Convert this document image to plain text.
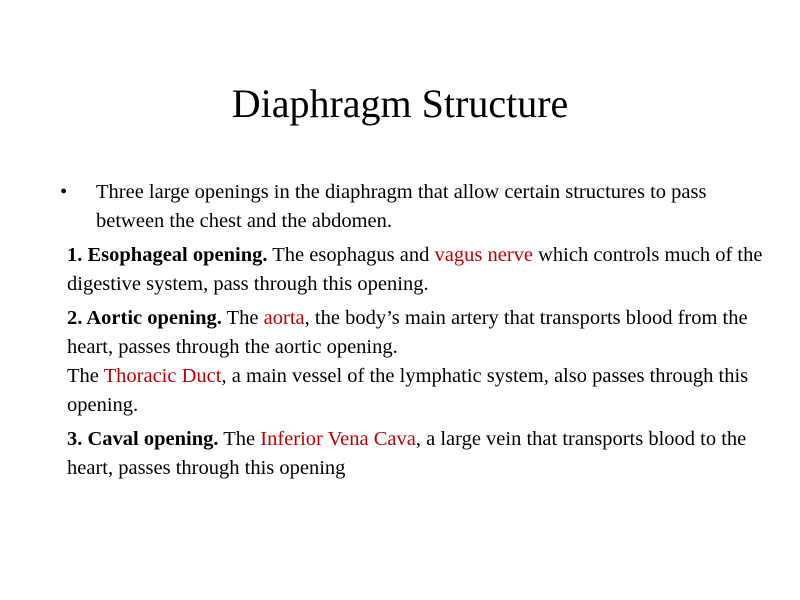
Diaphragm Structure
• Three large openings in the diaphragm that allow certain structures to pass between the chest and the abdomen.
1. Esophageal opening. The esophagus and vagus nerve which controls much of the digestive system, pass through this opening.
2. Aortic opening. The aorta, the body’s main artery that transports blood from the heart, passes through the aortic opening.
The Thoracic Duct, a main vessel of the lymphatic system, also passes through this opening.
3. Caval opening. The Inferior Vena Cava, a large vein that transports blood to the heart, passes through this opening
